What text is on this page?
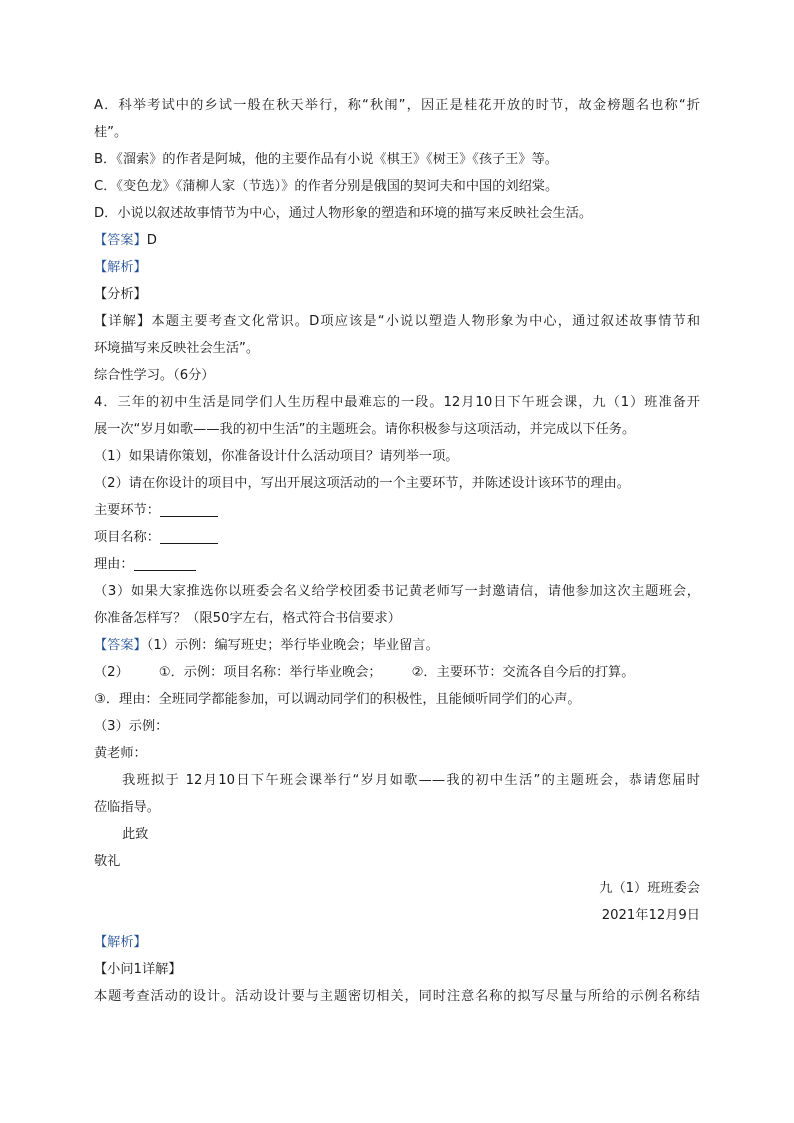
A．科举考试中的乡试一般在秋天举行，称“秋闱”，因正是桂花开放的时节，故金榜题名也称“折
桂”。
B．《溜索》的作者是阿城，他的主要作品有小说《棋王》《树王》《孩子王》等。
C．《变色龙》《蒲柳人家（节选）》的作者分别是俄国的契诃夫和中国的刘绍棠。
D．小说以叙述故事情节为中心，通过人物形象的塑造和环境的描写来反映社会生活。
【答案】D
【解析】
【分析】
【详解】本题主要考查文化常识。D项应该是“小说以塑造人物形象为中心，通过叙述故事情节和
环境描写来反映社会生活”。
综合性学习。（6分）
4．三年的初中生活是同学们人生历程中最难忘的一段。12月10日下午班会课，九（1）班准备开
展一次“岁月如歌——我的初中生活”的主题班会。请你积极参与这项活动，并完成以下任务。
（1）如果请你策划，你准备设计什么活动项目？请列举一项。
（2）请在你设计的项目中，写出开展这项活动的一个主要环节，并陈述设计该环节的理由。
主要环节：
项目名称：
理由：
（3）如果大家推选你以班委会名义给学校团委书记黄老师写一封邀请信，请他参加这次主题班会，
你准备怎样写？（限50字左右，格式符合书信要求）
【答案】（1）示例：编写班史；举行毕业晚会；毕业留言。
（2） ①．示例：项目名称：举行毕业晚会； ②．主要环节：交流各自今后的打算。
③．理由：全班同学都能参加，可以调动同学们的积极性，且能倾听同学们的心声。
（3）示例：
黄老师：
我班拟于 12月10日下午班会课举行“岁月如歌——我的初中生活”的主题班会，恭请您届时
莅临指导。
此致
敬礼
九（1）班班委会
2021年12月9日
【解析】
【小问1详解】
本题考查活动的设计。活动设计要与主题密切相关，同时注意名称的拟写尽量与所给的示例名称结
